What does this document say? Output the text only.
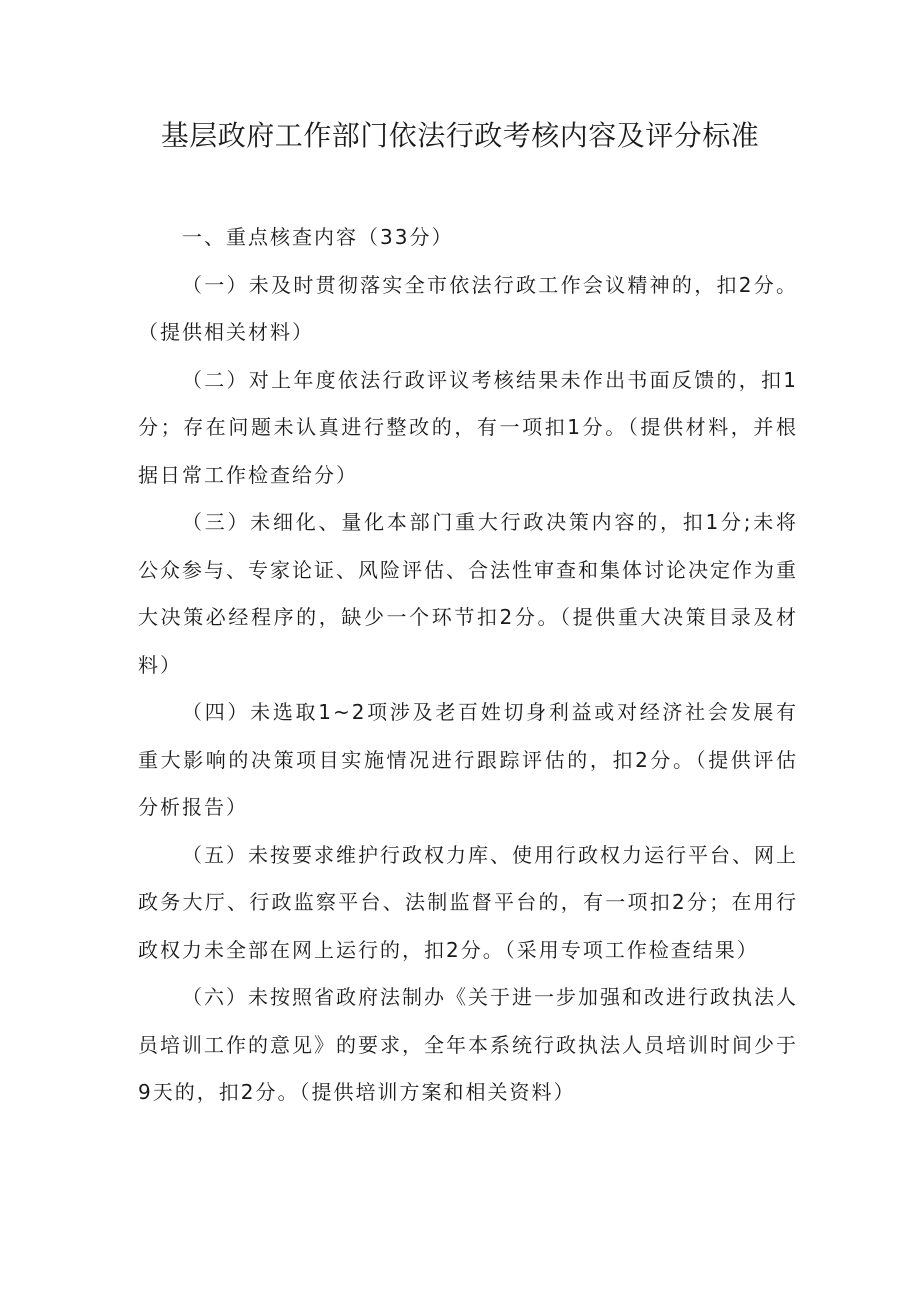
基层政府工作部门依法行政考核内容及评分标准

一、重点核查内容（33分）

（一）未及时贯彻落实全市依法行政工作会议精神的，扣2分。（提供相关材料）

（二）对上年度依法行政评议考核结果未作出书面反馈的，扣1分；存在问题未认真进行整改的，有一项扣1分。（提供材料，并根据日常工作检查给分）

（三）未细化、量化本部门重大行政决策内容的，扣1分;未将公众参与、专家论证、风险评估、合法性审查和集体讨论决定作为重大决策必经程序的，缺少一个环节扣2分。（提供重大决策目录及材料）

（四）未选取1~2项涉及老百姓切身利益或对经济社会发展有重大影响的决策项目实施情况进行跟踪评估的，扣2分。（提供评估分析报告）

（五）未按要求维护行政权力库、使用行政权力运行平台、网上政务大厅、行政监察平台、法制监督平台的，有一项扣2分；在用行政权力未全部在网上运行的，扣2分。（采用专项工作检查结果）

（六）未按照省政府法制办《关于进一步加强和改进行政执法人员培训工作的意见》的要求，全年本系统行政执法人员培训时间少于9天的，扣2分。（提供培训方案和相关资料）
